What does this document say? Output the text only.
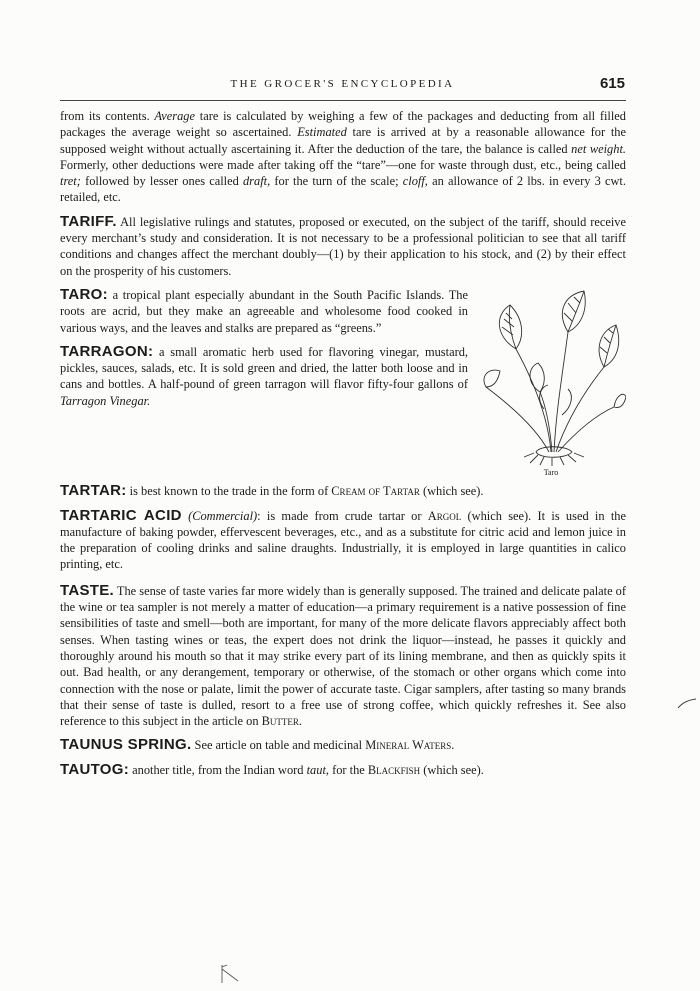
THE GROCER'S ENCYCLOPEDIA	615

from its contents. Average tare is calculated by weighing a few of the packages and deducting from all filled packages the average weight so ascertained. Estimated tare is arrived at by a reasonable allowance for the supposed weight without actually ascertaining it. After the deduction of the tare, the balance is called net weight. Formerly, other deductions were made after taking off the “tare”—one for waste through dust, etc., being called tret; followed by lesser ones called draft, for the turn of the scale; cloff, an allowance of 2 lbs. in every 3 cwt. retailed, etc.

TARIFF. All legislative rulings and statutes, proposed or executed, on the subject of the tariff, should receive every merchant’s study and consideration. It is not necessary to be a professional politician to see that all tariff conditions and changes affect the merchant doubly—(1) by their application to his stock, and (2) by their effect on the prosperity of his customers.

Taro

TARO: a tropical plant especially abundant in the South Pacific Islands. The roots are acrid, but they make an agreeable and wholesome food cooked in various ways, and the leaves and stalks are prepared as “greens.”

TARRAGON: a small aromatic herb used for flavoring vinegar, mustard, pickles, sauces, salads, etc. It is sold green and dried, the latter both loose and in cans and bottles. A half-pound of green tarragon will flavor fifty-four gallons of Tarragon Vinegar.

TARTAR: is best known to the trade in the form of Cream of Tartar (which see).

TARTARIC ACID (Commercial): is made from crude tartar or Argol (which see). It is used in the manufacture of baking powder, effervescent beverages, etc., and as a substitute for citric acid and lemon juice in the preparation of cooling drinks and saline draughts. Industrially, it is employed in large quantities in calico printing, etc.

TASTE. The sense of taste varies far more widely than is generally supposed. The trained and delicate palate of the wine or tea sampler is not merely a matter of education—a primary requirement is a native possession of fine sensibilities of taste and smell—both are important, for many of the more delicate flavors appreciably affect both senses. When tasting wines or teas, the expert does not drink the liquor—instead, he passes it quickly and thoroughly around his mouth so that it may strike every part of its lining membrane, and then as quickly spits it out. Bad health, or any derangement, temporary or otherwise, of the stomach or other organs which come into connection with the nose or palate, limit the power of accurate taste. Cigar samplers, after tasting so many brands that their sense of taste is dulled, resort to a free use of strong coffee, which quickly refreshes it. See also reference to this subject in the article on Butter.

TAUNUS SPRING. See article on table and medicinal Mineral Waters.

TAUTOG: another title, from the Indian word taut, for the Blackfish (which see).
